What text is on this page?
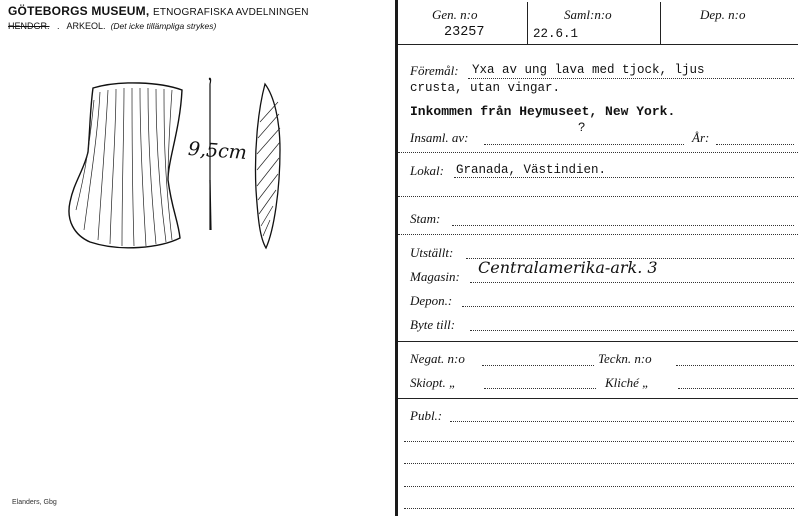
GÖTEBORGS MUSEUM, ETNOGRAFISKA AVDELNINGEN
HENDGR.   .   ARKEOL. (Det icke tillämpliga strykes)
9,5cm
Elanders, Gbg
Gen. n:o
23257
Saml:n:o
22.6.1
Dep. n:o
Föremål: Yxa av ung lava med tjock, ljus
crusta, utan vingar.
Inkommen från Heymuseet, New York.
Insaml. av:
?
År:
Lokal: Granada, Västindien.
Stam:
Utställt:
Magasin: Centralamerika-ark. 3
Depon.:
Byte till:
Negat. n:o	Teckn. n:o
Skiopt. „	Kliché „
Publ.:
